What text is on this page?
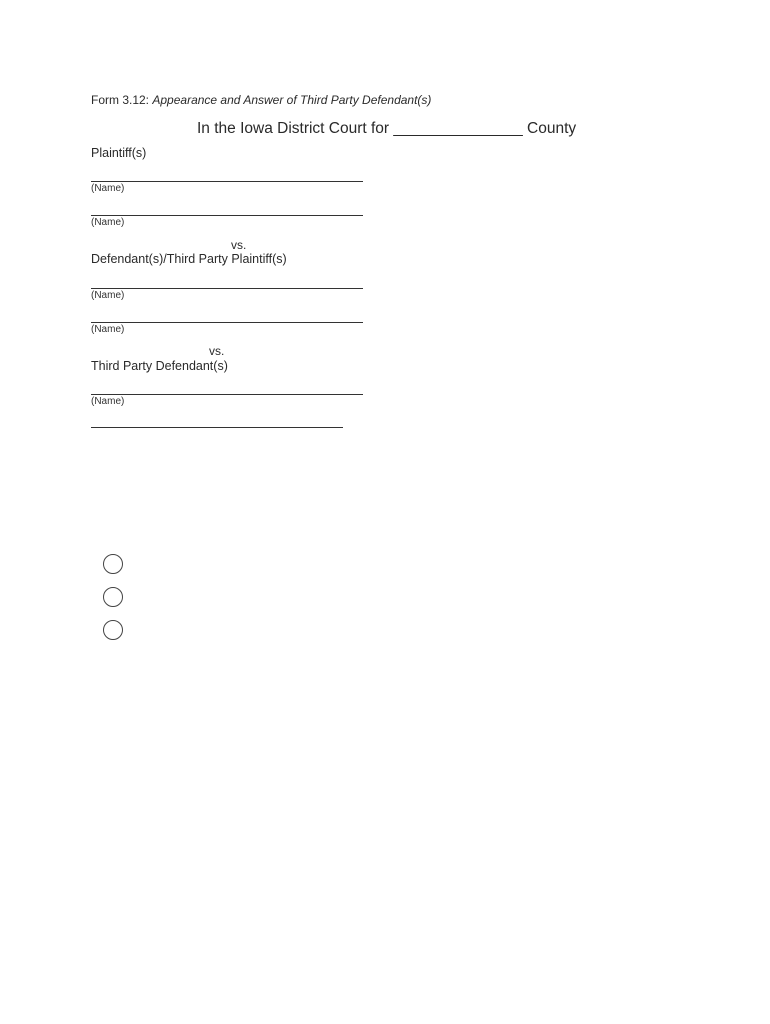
Form 3.12: Appearance and Answer of Third Party Defendant(s)
In the Iowa District Court for _______________ County
Plaintiff(s)
(Name)
(Name)
vs.
Defendant(s)/Third Party Plaintiff(s)
(Name)
(Name)
vs.
Third Party Defendant(s)
(Name)
